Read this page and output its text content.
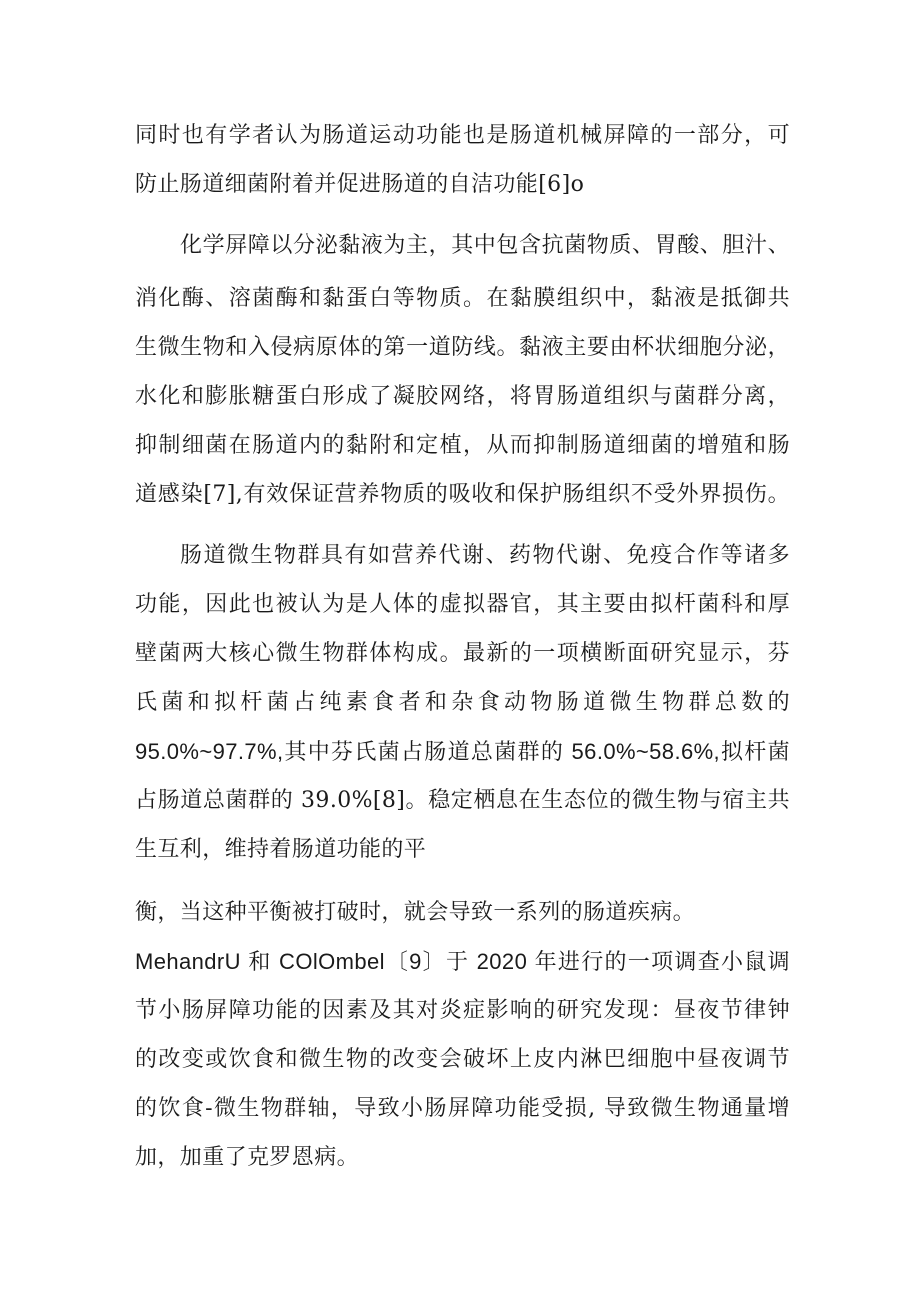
同时也有学者认为肠道运动功能也是肠道机械屏障的一部分，可
防止肠道细菌附着并促进肠道的自洁功能[6]o
化学屏障以分泌黏液为主，其中包含抗菌物质、胃酸、胆汁、
消化酶、溶菌酶和黏蛋白等物质。在黏膜组织中，黏液是抵御共
生微生物和入侵病原体的第一道防线。黏液主要由杯状细胞分泌，
水化和膨胀糖蛋白形成了凝胶网络，将胃肠道组织与菌群分离，
抑制细菌在肠道内的黏附和定植，从而抑制肠道细菌的增殖和肠
道感染[7],有效保证营养物质的吸收和保护肠组织不受外界损伤。
肠道微生物群具有如营养代谢、药物代谢、免疫合作等诸多
功能，因此也被认为是人体的虚拟器官，其主要由拟杆菌科和厚
壁菌两大核心微生物群体构成。最新的一项横断面研究显示，芬
氏菌和拟杆菌占纯素食者和杂食动物肠道微生物群总数的
95.0%~97.7%,其中芬氏菌占肠道总菌群的 56.0%~58.6%,拟杆菌
占肠道总菌群的 39.0%[8]。稳定栖息在生态位的微生物与宿主共
生互利，维持着肠道功能的平
衡，当这种平衡被打破时，就会导致一系列的肠道疾病。
MehandrU 和 COlOmbel〔9〕于 2020 年进行的一项调查小鼠调
节小肠屏障功能的因素及其对炎症影响的研究发现：昼夜节律钟
的改变或饮食和微生物的改变会破坏上皮内淋巴细胞中昼夜调节
的饮食-微生物群轴，导致小肠屏障功能受损, 导致微生物通量增
加，加重了克罗恩病。
